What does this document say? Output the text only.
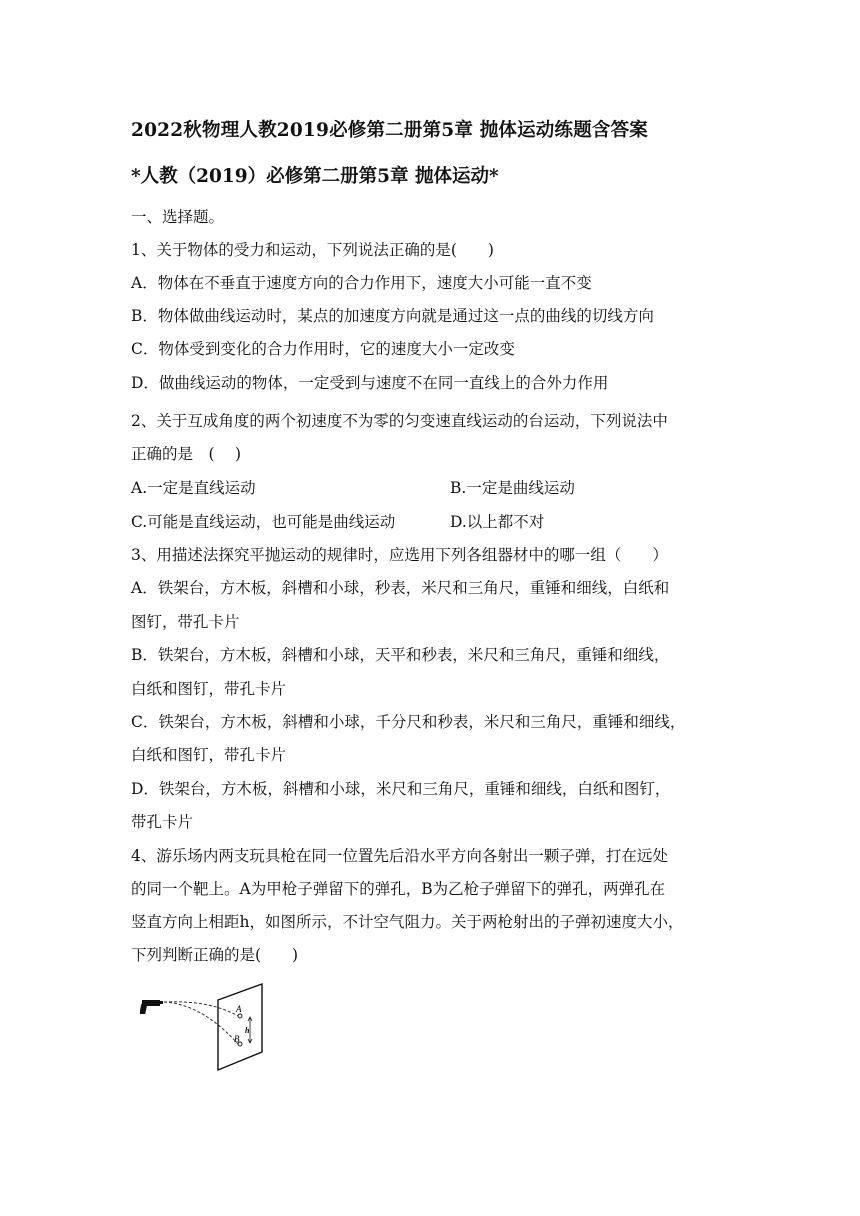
2022秋物理人教2019必修第二册第5章 抛体运动练题含答案
*人教（2019）必修第二册第5章 抛体运动*
一、选择题。
1、关于物体的受力和运动，下列说法正确的是(　　)
A．物体在不垂直于速度方向的合力作用下，速度大小可能一直不变
B．物体做曲线运动时，某点的加速度方向就是通过这一点的曲线的切线方向
C．物体受到变化的合力作用时，它的速度大小一定改变
D．做曲线运动的物体，一定受到与速度不在同一直线上的合外力作用
2、关于互成角度的两个初速度不为零的匀变速直线运动的台运动，下列说法中
正确的是　(　 )
A.一定是直线运动	B.一定是曲线运动
C.可能是直线运动，也可能是曲线运动	D.以上都不对
3、用描述法探究平抛运动的规律时，应选用下列各组器材中的哪一组（　　）
A．铁架台，方木板，斜槽和小球，秒表，米尺和三角尺，重锤和细线，白纸和
图钉，带孔卡片
B．铁架台，方木板，斜槽和小球，天平和秒表，米尺和三角尺，重锤和细线，
白纸和图钉，带孔卡片
C．铁架台，方木板，斜槽和小球，千分尺和秒表，米尺和三角尺，重锤和细线，
白纸和图钉，带孔卡片
D．铁架台，方木板，斜槽和小球，米尺和三角尺，重锤和细线，白纸和图钉，
带孔卡片
4、游乐场内两支玩具枪在同一位置先后沿水平方向各射出一颗子弹，打在远处
的同一个靶上。A为甲枪子弹留下的弹孔，B为乙枪子弹留下的弹孔，两弹孔在
竖直方向上相距h，如图所示，不计空气阻力。关于两枪射出的子弹初速度大小，
下列判断正确的是(　　)
A
B
h
